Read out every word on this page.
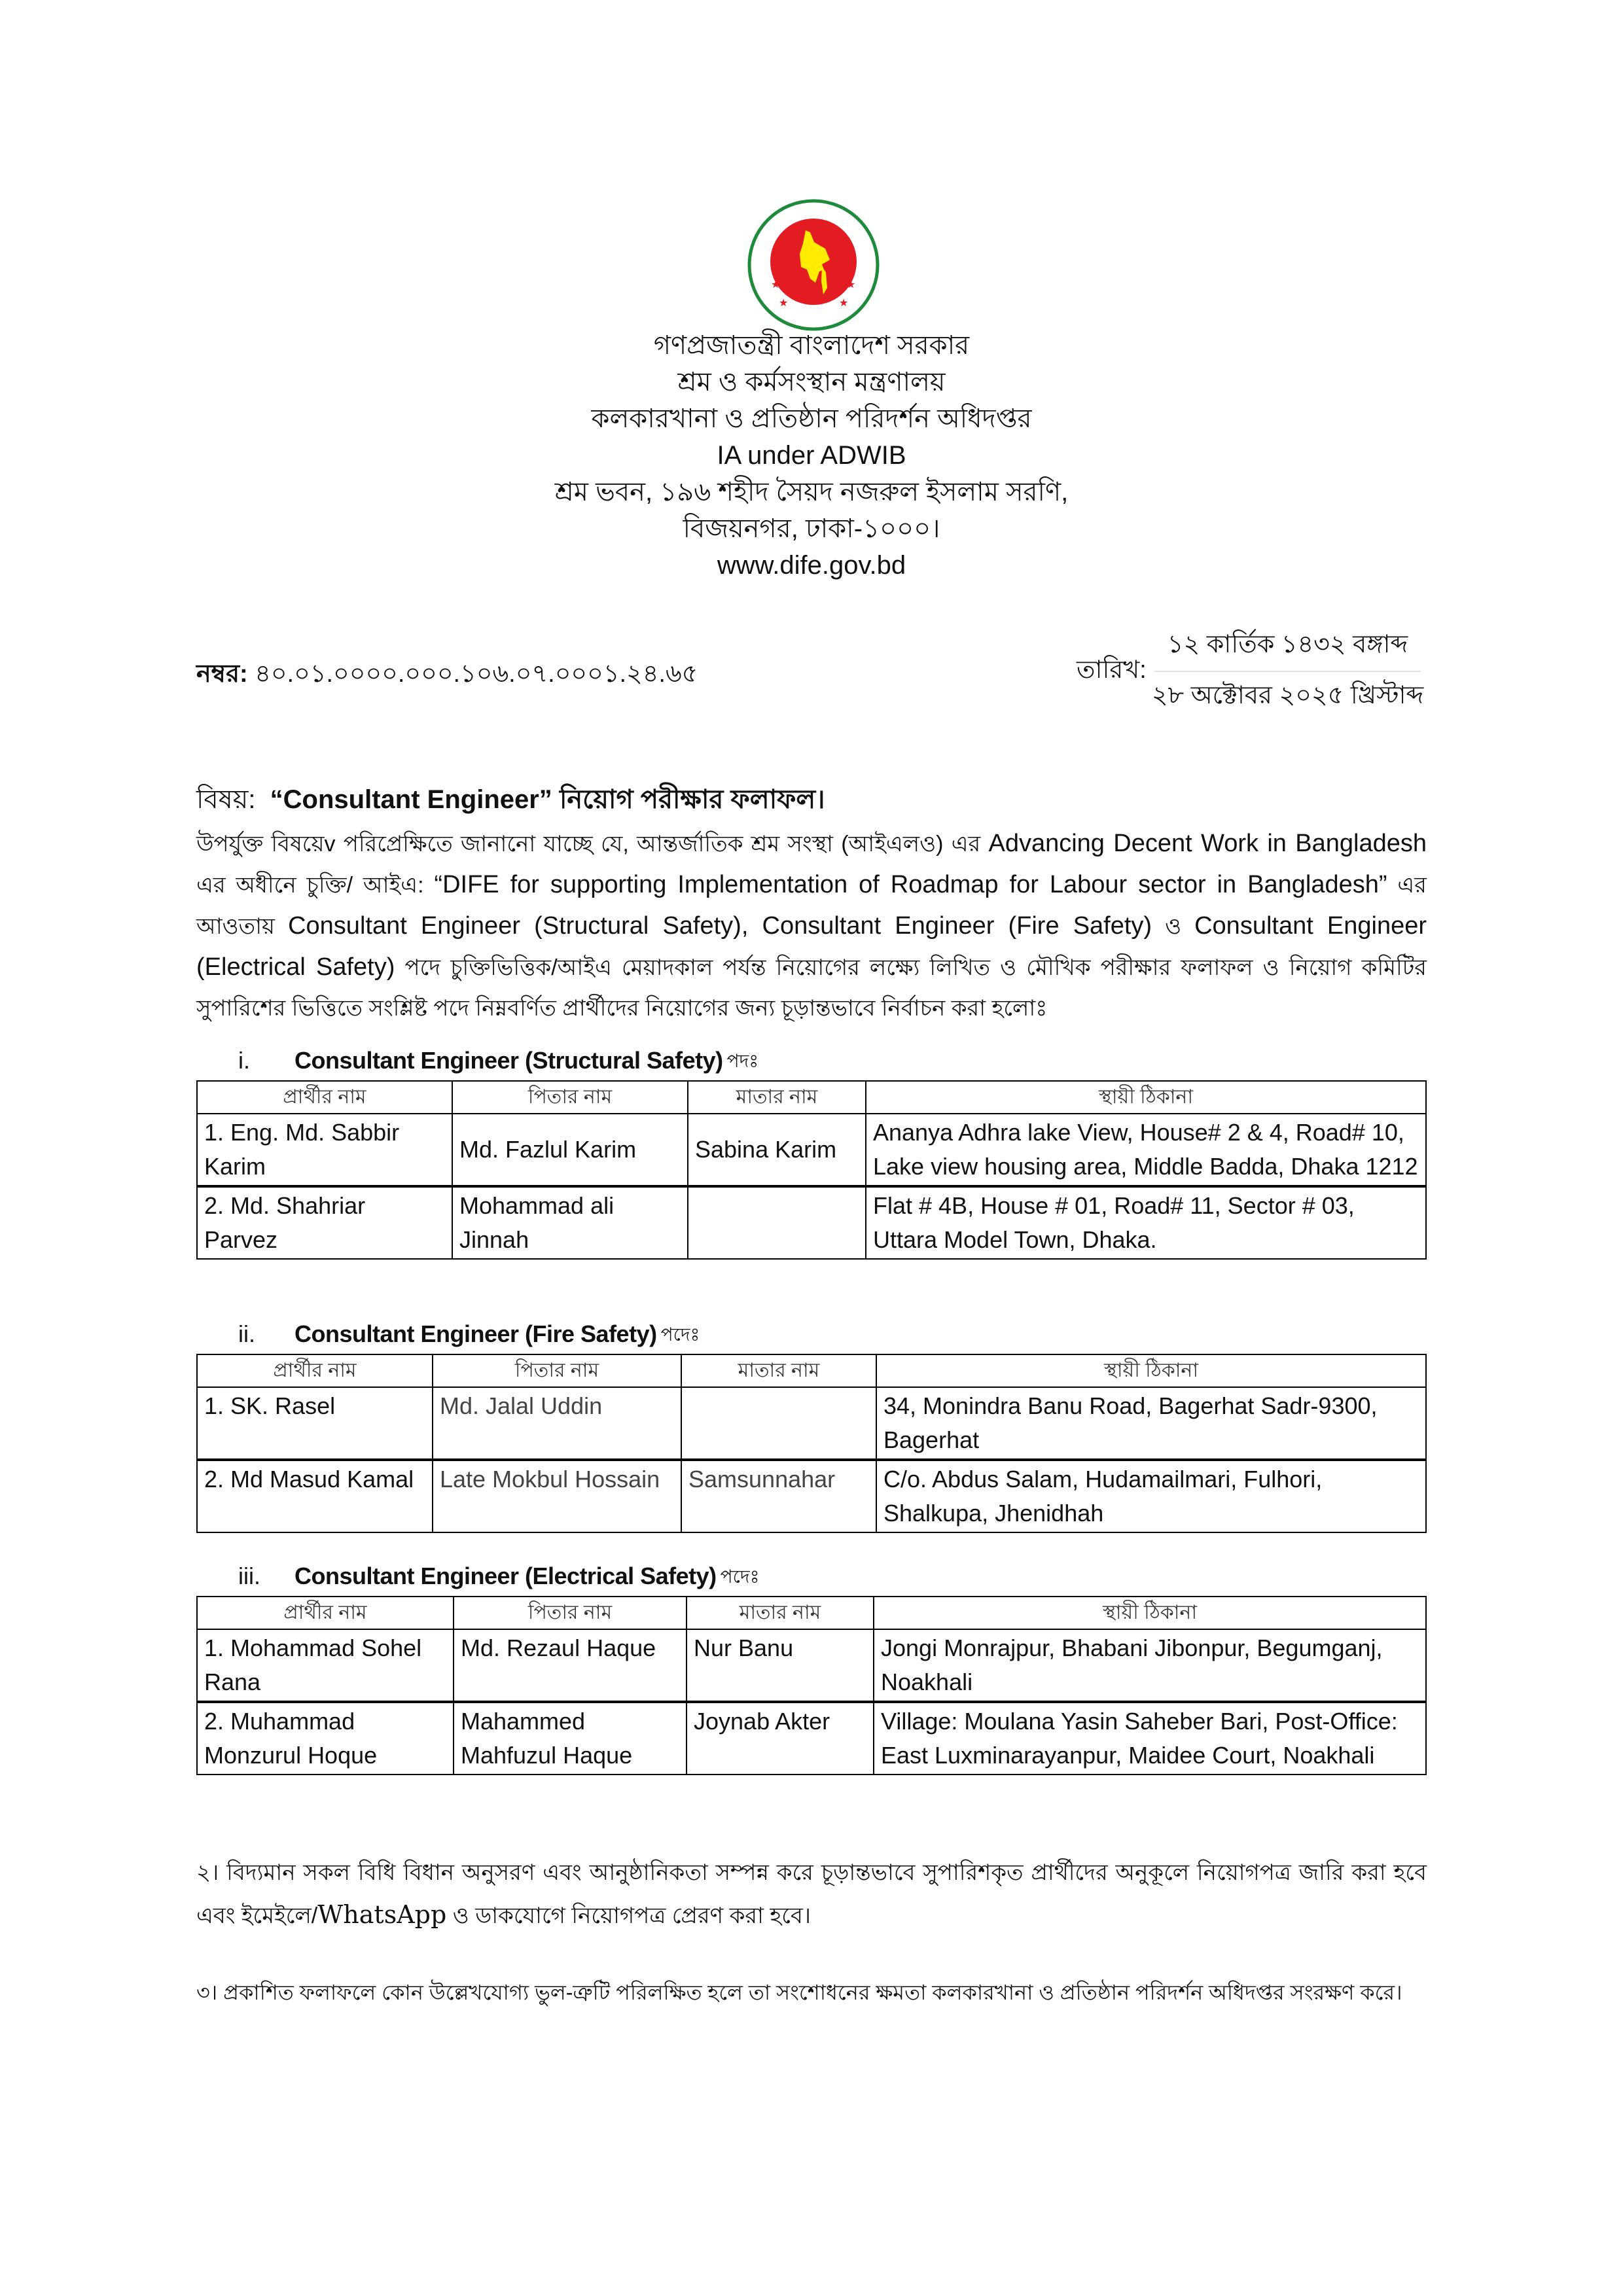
★	★
★	★
গণপ্রজাতন্ত্রী বাংলাদেশ সরকার
শ্রম ও কর্মসংস্থান মন্ত্রণালয়
কলকারখানা ও প্রতিষ্ঠান পরিদর্শন অধিদপ্তর
IA under ADWIB
শ্রম ভবন, ১৯৬ শহীদ সৈয়দ নজরুল ইসলাম সরণি,
বিজয়নগর, ঢাকা-১০০০।
www.dife.gov.bd
নম্বর: ৪০.০১.০০০০.০০০.১০৬.০৭.০০০১.২৪.৬৫	তারিখ:
১২ কার্তিক ১৪৩২ বঙ্গাব্দ
২৮ অক্টোবর ২০২৫ খ্রিস্টাব্দ
বিষয়: “Consultant Engineer” নিয়োগ পরীক্ষার ফলাফল।
উপর্যুক্ত বিষয়েv পরিপ্রেক্ষিতে জানানো যাচ্ছে যে, আন্তর্জাতিক শ্রম সংস্থা (আইএলও) এর Advancing Decent Work in Bangladesh এর অধীনে চুক্তি/ আইএ: “DIFE for supporting Implementation of Roadmap for Labour sector in Bangladesh” এর আওতায় Consultant Engineer (Structural Safety), Consultant Engineer (Fire Safety) ও Consultant Engineer (Electrical Safety) পদে চুক্তিভিত্তিক/আইএ মেয়াদকাল পর্যন্ত নিয়োগের লক্ষ্যে লিখিত ও মৌখিক পরীক্ষার ফলাফল ও নিয়োগ কমিটির সুপারিশের ভিত্তিতে সংশ্লিষ্ট পদে নিম্নবর্ণিত প্রার্থীদের নিয়োগের জন্য চূড়ান্তভাবে নির্বাচন করা হলোঃ
i.	Consultant Engineer (Structural Safety) পদঃ
প্রার্থীর নাম	পিতার নাম	মাতার নাম	স্থায়ী ঠিকানা
1. Eng. Md. Sabbir Karim	Md. Fazlul Karim	Sabina Karim	Ananya Adhra lake View, House# 2 & 4, Road# 10, Lake view housing area, Middle Badda, Dhaka 1212
2. Md. Shahriar Parvez	Mohammad ali Jinnah		Flat # 4B, House # 01, Road# 11, Sector # 03, Uttara Model Town, Dhaka.
ii.	Consultant Engineer (Fire Safety) পদেঃ
প্রার্থীর নাম	পিতার নাম	মাতার নাম	স্থায়ী ঠিকানা
1. SK. Rasel	Md. Jalal Uddin		34, Monindra Banu Road, Bagerhat Sadr-9300, Bagerhat
2. Md Masud Kamal	Late Mokbul Hossain	Samsunnahar	C/o. Abdus Salam, Hudamailmari, Fulhori, Shalkupa, Jhenidhah
iii.	Consultant Engineer (Electrical Safety) পদেঃ
প্রার্থীর নাম	পিতার নাম	মাতার নাম	স্থায়ী ঠিকানা
1. Mohammad Sohel Rana	Md. Rezaul Haque	Nur Banu	Jongi Monrajpur, Bhabani Jibonpur, Begumganj, Noakhali
2. Muhammad Monzurul Hoque	Mahammed Mahfuzul Haque	Joynab Akter	Village: Moulana Yasin Saheber Bari, Post-Office: East Luxminarayanpur, Maidee Court, Noakhali
২। বিদ্যমান সকল বিধি বিধান অনুসরণ এবং আনুষ্ঠানিকতা সম্পন্ন করে চূড়ান্তভাবে সুপারিশকৃত প্রার্থীদের অনুকূলে নিয়োগপত্র জারি করা হবে এবং ইমেইলে/WhatsApp ও ডাকযোগে নিয়োগপত্র প্রেরণ করা হবে।
৩। প্রকাশিত ফলাফলে কোন উল্লেখযোগ্য ভুল-ত্রুটি পরিলক্ষিত হলে তা সংশোধনের ক্ষমতা কলকারখানা ও প্রতিষ্ঠান পরিদর্শন অধিদপ্তর সংরক্ষণ করে।
